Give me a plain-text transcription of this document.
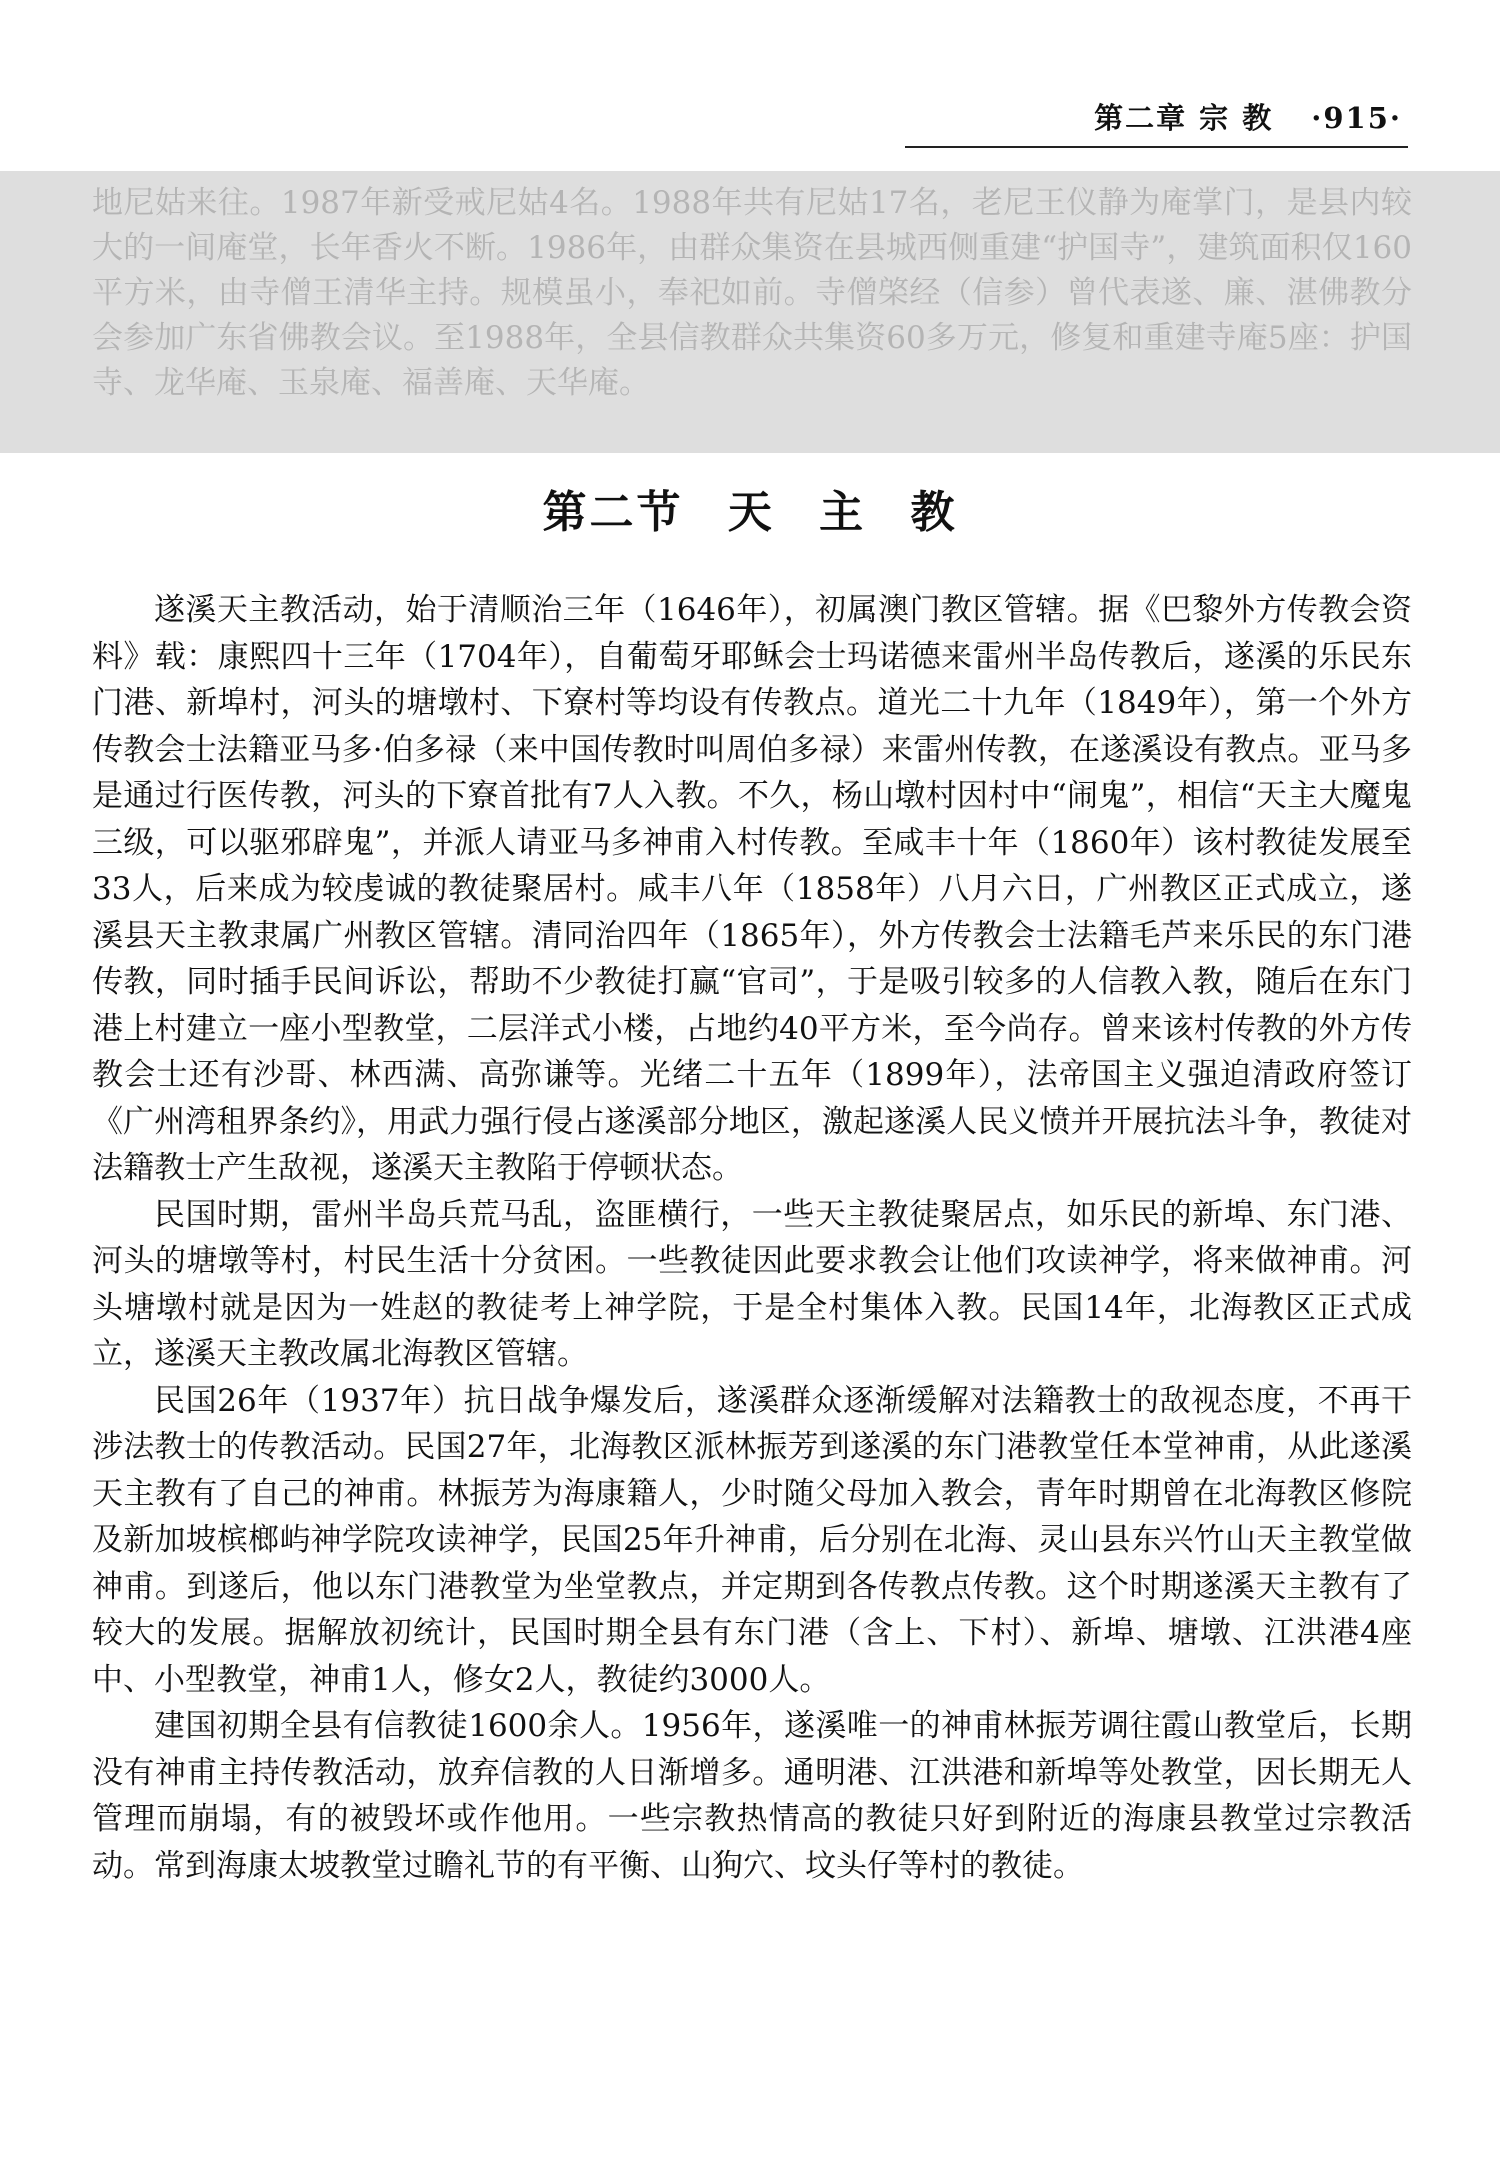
第二章 宗 教 ·915·

地尼姑来往。1987年新受戒尼姑4名。1988年共有尼姑17名，老尼王仪静为庵掌门，是县内较大的一间庵堂，长年香火不断。1986年，由群众集资在县城西侧重建“护国寺”，建筑面积仅160平方米，由寺僧王清华主持。规模虽小，奉祀如前。寺僧棨经（信参）曾代表遂、廉、湛佛教分会参加广东省佛教会议。至1988年，全县信教群众共集资60多万元，修复和重建寺庵5座：护国寺、龙华庵、玉泉庵、福善庵、天华庵。

第二节 天 主 教

遂溪天主教活动，始于清顺治三年（1646年），初属澳门教区管辖。据《巴黎外方传教会资料》载：康熙四十三年（1704年），自葡萄牙耶稣会士玛诺德来雷州半岛传教后，遂溪的乐民东门港、新埠村，河头的塘墩村、下寮村等均设有传教点。道光二十九年（1849年），第一个外方传教会士法籍亚马多·伯多禄（来中国传教时叫周伯多禄）来雷州传教，在遂溪设有教点。亚马多是通过行医传教，河头的下寮首批有7人入教。不久，杨山墩村因村中“闹鬼”，相信“天主大魔鬼三级，可以驱邪辟鬼”，并派人请亚马多神甫入村传教。至咸丰十年（1860年）该村教徒发展至33人，后来成为较虔诚的教徒聚居村。咸丰八年（1858年）八月六日，广州教区正式成立，遂溪县天主教隶属广州教区管辖。清同治四年（1865年），外方传教会士法籍毛芦来乐民的东门港传教，同时插手民间诉讼，帮助不少教徒打赢“官司”，于是吸引较多的人信教入教，随后在东门港上村建立一座小型教堂，二层洋式小楼，占地约40平方米，至今尚存。曾来该村传教的外方传教会士还有沙哥、林西满、高弥谦等。光绪二十五年（1899年），法帝国主义强迫清政府签订《广州湾租界条约》，用武力强行侵占遂溪部分地区，激起遂溪人民义愤并开展抗法斗争，教徒对法籍教士产生敌视，遂溪天主教陷于停顿状态。

民国时期，雷州半岛兵荒马乱，盗匪横行，一些天主教徒聚居点，如乐民的新埠、东门港、河头的塘墩等村，村民生活十分贫困。一些教徒因此要求教会让他们攻读神学，将来做神甫。河头塘墩村就是因为一姓赵的教徒考上神学院，于是全村集体入教。民国14年，北海教区正式成立，遂溪天主教改属北海教区管辖。

民国26年（1937年）抗日战争爆发后，遂溪群众逐渐缓解对法籍教士的敌视态度，不再干涉法教士的传教活动。民国27年，北海教区派林振芳到遂溪的东门港教堂任本堂神甫，从此遂溪天主教有了自己的神甫。林振芳为海康籍人，少时随父母加入教会，青年时期曾在北海教区修院及新加坡槟榔屿神学院攻读神学，民国25年升神甫，后分别在北海、灵山县东兴竹山天主教堂做神甫。到遂后，他以东门港教堂为坐堂教点，并定期到各传教点传教。这个时期遂溪天主教有了较大的发展。据解放初统计，民国时期全县有东门港（含上、下村）、新埠、塘墩、江洪港4座中、小型教堂，神甫1人，修女2人，教徒约3000人。

建国初期全县有信教徒1600余人。1956年，遂溪唯一的神甫林振芳调往霞山教堂后，长期没有神甫主持传教活动，放弃信教的人日渐增多。通明港、江洪港和新埠等处教堂，因长期无人管理而崩塌，有的被毁坏或作他用。一些宗教热情高的教徒只好到附近的海康县教堂过宗教活动。常到海康太坡教堂过瞻礼节的有平衡、山狗穴、坟头仔等村的教徒。
